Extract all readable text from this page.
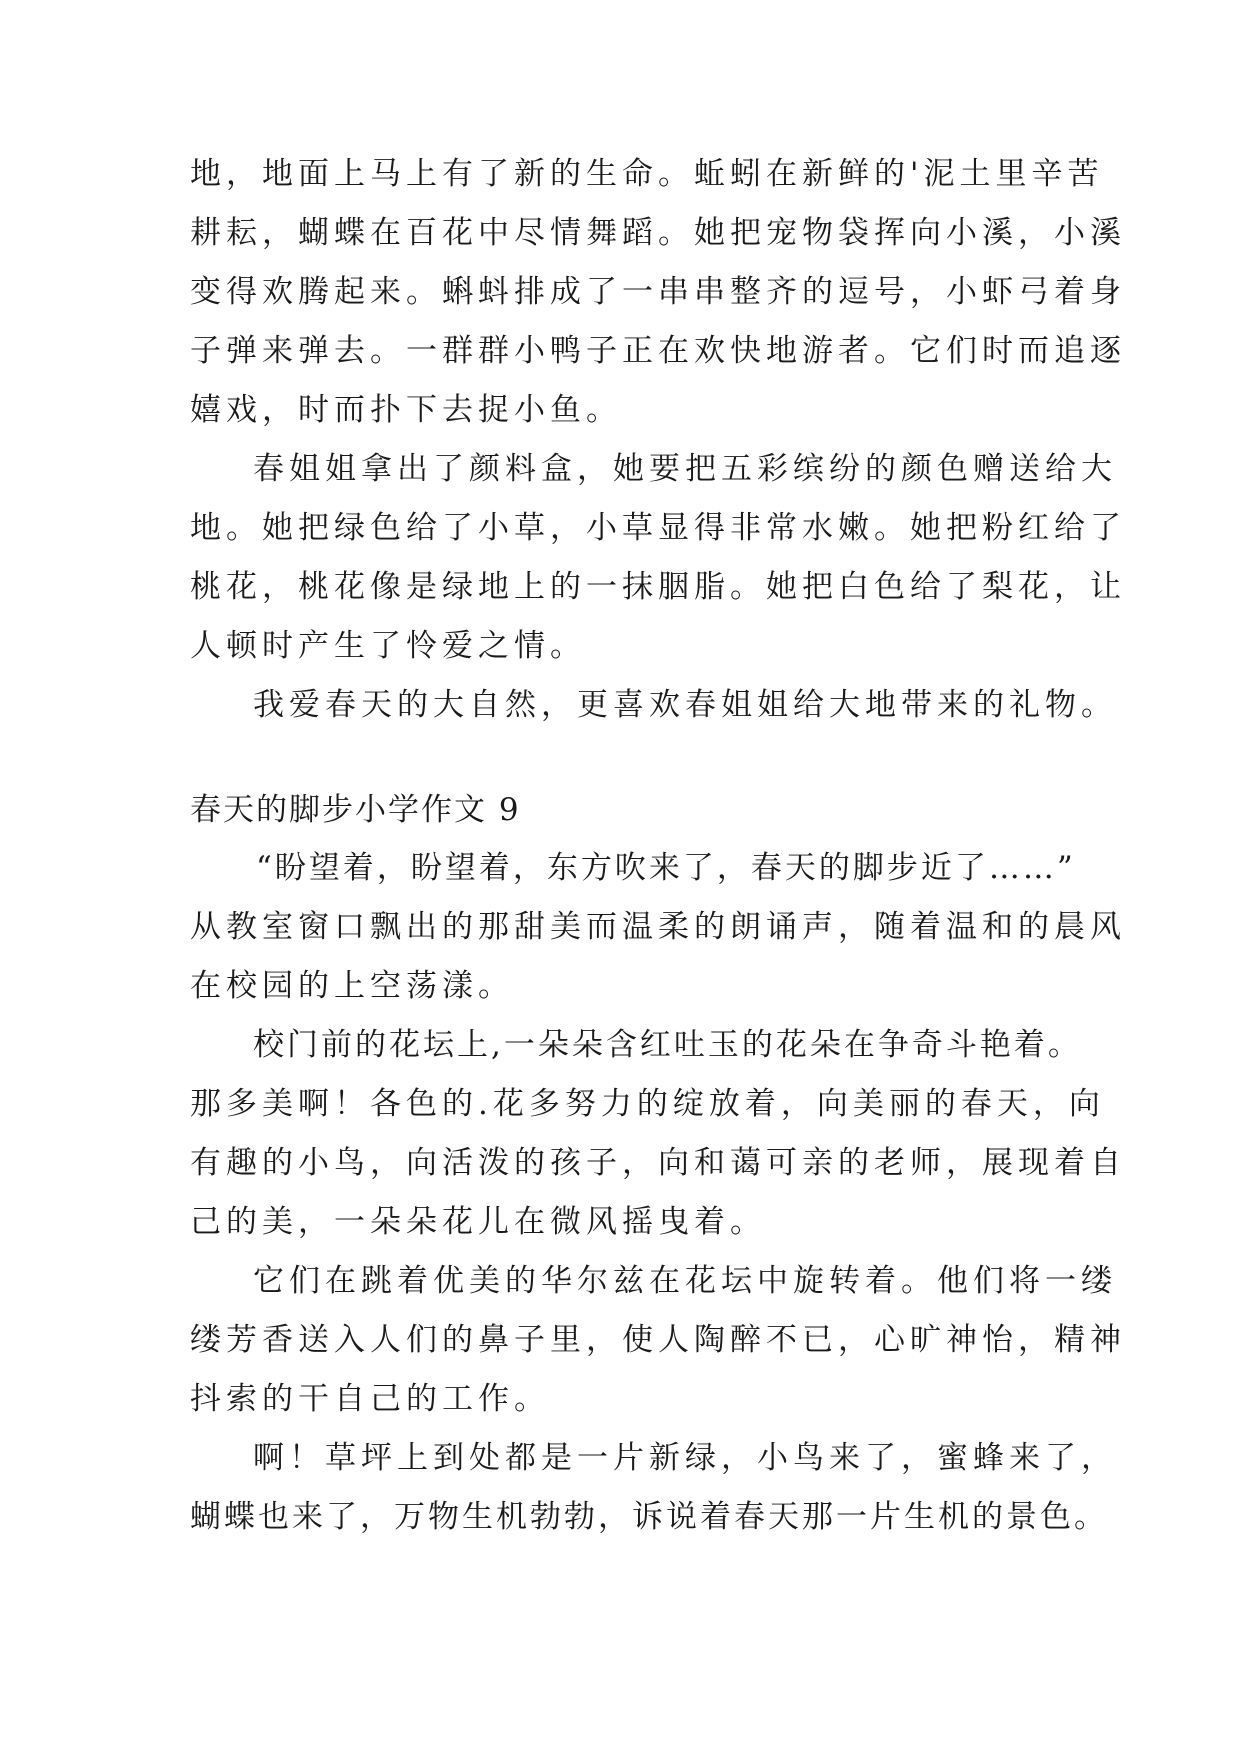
地，地面上马上有了新的生命。蚯蚓在新鲜的'泥土里辛苦
耕耘，蝴蝶在百花中尽情舞蹈。她把宠物袋挥向小溪，小溪
变得欢腾起来。蝌蚪排成了一串串整齐的逗号，小虾弓着身
子弹来弹去。一群群小鸭子正在欢快地游者。它们时而追逐
嬉戏，时而扑下去捉小鱼。
春姐姐拿出了颜料盒，她要把五彩缤纷的颜色赠送给大
地。她把绿色给了小草，小草显得非常水嫩。她把粉红给了
桃花，桃花像是绿地上的一抹胭脂。她把白色给了梨花，让
人顿时产生了怜爱之情。
我爱春天的大自然，更喜欢春姐姐给大地带来的礼物。
春天的脚步小学作文 9
“盼望着，盼望着，东方吹来了，春天的脚步近了……”
从教室窗口飘出的那甜美而温柔的朗诵声，随着温和的晨风
在校园的上空荡漾。
校门前的花坛上,一朵朵含红吐玉的花朵在争奇斗艳着。
那多美啊！各色的.花多努力的绽放着，向美丽的春天，向
有趣的小鸟，向活泼的孩子，向和蔼可亲的老师，展现着自
己的美，一朵朵花儿在微风摇曳着。
它们在跳着优美的华尔兹在花坛中旋转着。他们将一缕
缕芳香送入人们的鼻子里，使人陶醉不已，心旷神怡，精神
抖索的干自己的工作。
啊！草坪上到处都是一片新绿，小鸟来了，蜜蜂来了，
蝴蝶也来了，万物生机勃勃，诉说着春天那一片生机的景色。
